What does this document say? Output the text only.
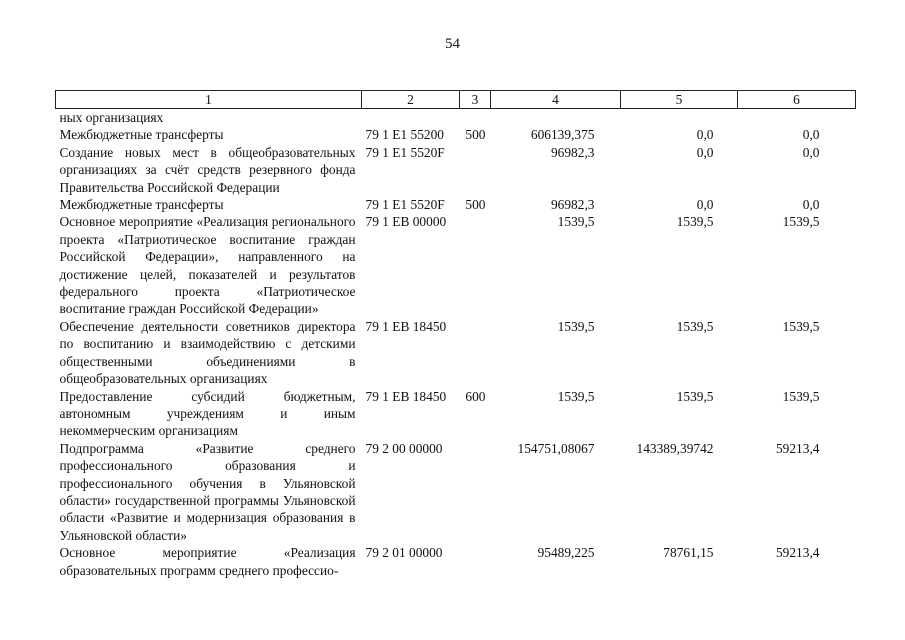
54
1	2	3	4	5	6
ных организациях					
Межбюджетные трансферты	79 1 Е1 55200	500	606139,375	0,0	0,0
Создание новых мест в общеобразовательных организациях за счёт средств резервного фонда Правительства Российской Федерации	79 1 Е1 5520F		96982,3	0,0	0,0
Межбюджетные трансферты	79 1 Е1 5520F	500	96982,3	0,0	0,0
Основное мероприятие «Реализация регионального проекта «Патриотическое воспитание граждан Российской Федерации», направленного на достижение целей, показателей и результатов федерального проекта «Патриотическое воспитание граждан Российской Федерации»	79 1 ЕВ 00000		1539,5	1539,5	1539,5
Обеспечение деятельности советников директора по воспитанию и взаимодействию с детскими общественными объединениями в общеобразовательных организациях	79 1 ЕВ 18450		1539,5	1539,5	1539,5
Предоставление субсидий бюджетным, автономным учреждениям и иным некоммерческим организациям	79 1 ЕВ 18450	600	1539,5	1539,5	1539,5
Подпрограмма «Развитие среднего профессионального образования и профессионального обучения в Ульяновской области» государственной программы Ульяновской области «Развитие и модернизация образования в Ульяновской области»	79 2 00 00000		154751,08067	143389,39742	59213,4
Основное мероприятие «Реализация образовательных программ среднего профессио-	79 2 01 00000		95489,225	78761,15	59213,4
